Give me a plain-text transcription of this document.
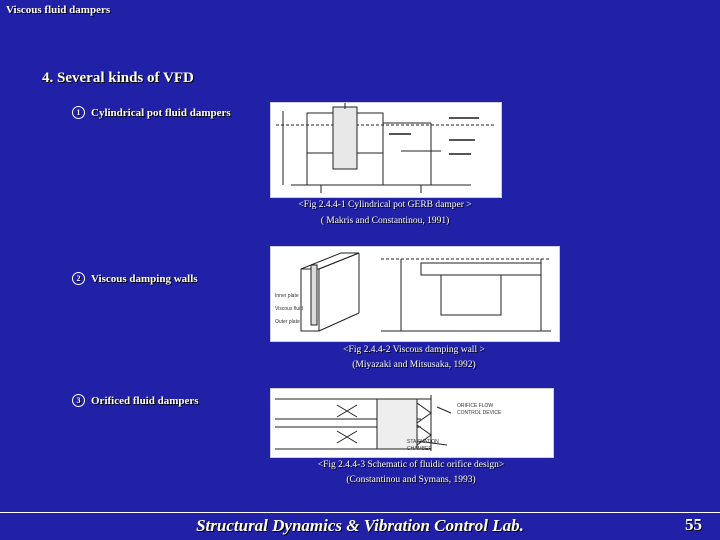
Viscous fluid dampers
4. Several kinds of VFD
1 Cylindrical pot fluid dampers
<Fig 2.4.4-1 Cylindrical pot GERB damper >
( Makris and Constantinou, 1991)
2 Viscous damping walls
Inner plate
Viscous fluid
Outer plate
<Fig 2.4.4-2 Viscous damping wall >
(Miyazaki and Mitsusaka, 1992)
3 Orificed fluid dampers	ORIFICE FLOW
CONTROL DEVICE
STAGNATION
CHAMBER
<Fig 2.4.4-3 Schematic of fluidic orifice design>
(Constantinou and Symans, 1993)
Structural Dynamics & Vibration Control Lab.	55
